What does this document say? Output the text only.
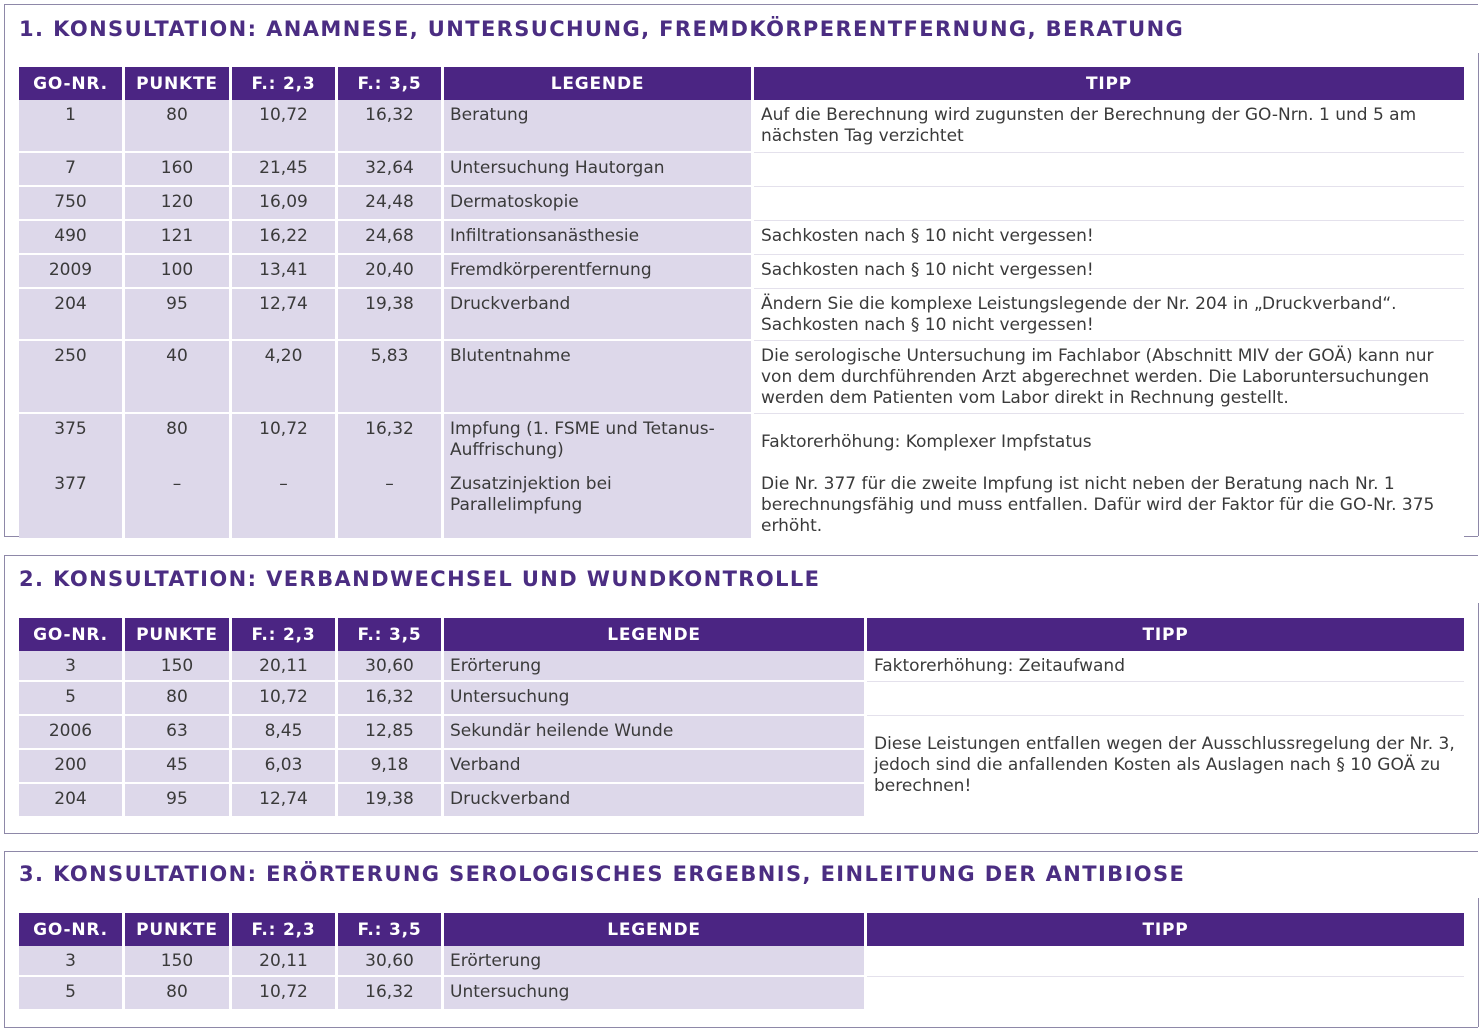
1. KONSULTATION: ANAMNESE, UNTERSUCHUNG, FREMDKÖRPERENTFERNUNG, BERATUNG
GO-NR.	PUNKTE	F.: 2,3	F.: 3,5	LEGENDE	TIPP
1	80	10,72	16,32	Beratung	Auf die Berechnung wird zugunsten der Berechnung der GO-Nrn. 1 und 5 am nächsten Tag verzichtet
7	160	21,45	32,64	Untersuchung Hautorgan	
750	120	16,09	24,48	Dermatoskopie	
490	121	16,22	24,68	Infiltrationsanästhesie	Sachkosten nach § 10 nicht vergessen!
2009	100	13,41	20,40	Fremdkörperentfernung	Sachkosten nach § 10 nicht vergessen!
204	95	12,74	19,38	Druckverband	Ändern Sie die komplexe Leistungslegende der Nr. 204 in „Druckverband“. Sachkosten nach § 10 nicht vergessen!
250	40	4,20	5,83	Blutentnahme	Die serologische Untersuchung im Fachlabor (Abschnitt MIV der GOÄ) kann nur von dem durchführenden Arzt abgerechnet werden. Die Laboruntersuchungen werden dem Patienten vom Labor direkt in Rechnung gestellt.
375	80	10,72	16,32	Impfung (1. FSME und Tetanus-Auffrischung)	Faktorerhöhung: Komplexer Impfstatus
377	–	–	–	Zusatzinjektion bei Parallelimpfung	Die Nr. 377 für die zweite Impfung ist nicht neben der Beratung nach Nr. 1 berechnungsfähig und muss entfallen. Dafür wird der Faktor für die GO-Nr. 375 erhöht.
2. KONSULTATION: VERBANDWECHSEL UND WUNDKONTROLLE
GO-NR.	PUNKTE	F.: 2,3	F.: 3,5	LEGENDE	TIPP
3	150	20,11	30,60	Erörterung	Faktorerhöhung: Zeitaufwand
5	80	10,72	16,32	Untersuchung	
2006	63	8,45	12,85	Sekundär heilende Wunde	Diese Leistungen entfallen wegen der Ausschlussregelung der Nr. 3, jedoch sind die anfallenden Kosten als Auslagen nach § 10 GOÄ zu berechnen!
200	45	6,03	9,18	Verband	
204	95	12,74	19,38	Druckverband	
3. KONSULTATION: ERÖRTERUNG SEROLOGISCHES ERGEBNIS, EINLEITUNG DER ANTIBIOSE
GO-NR.	PUNKTE	F.: 2,3	F.: 3,5	LEGENDE	TIPP
3	150	20,11	30,60	Erörterung	
5	80	10,72	16,32	Untersuchung	
